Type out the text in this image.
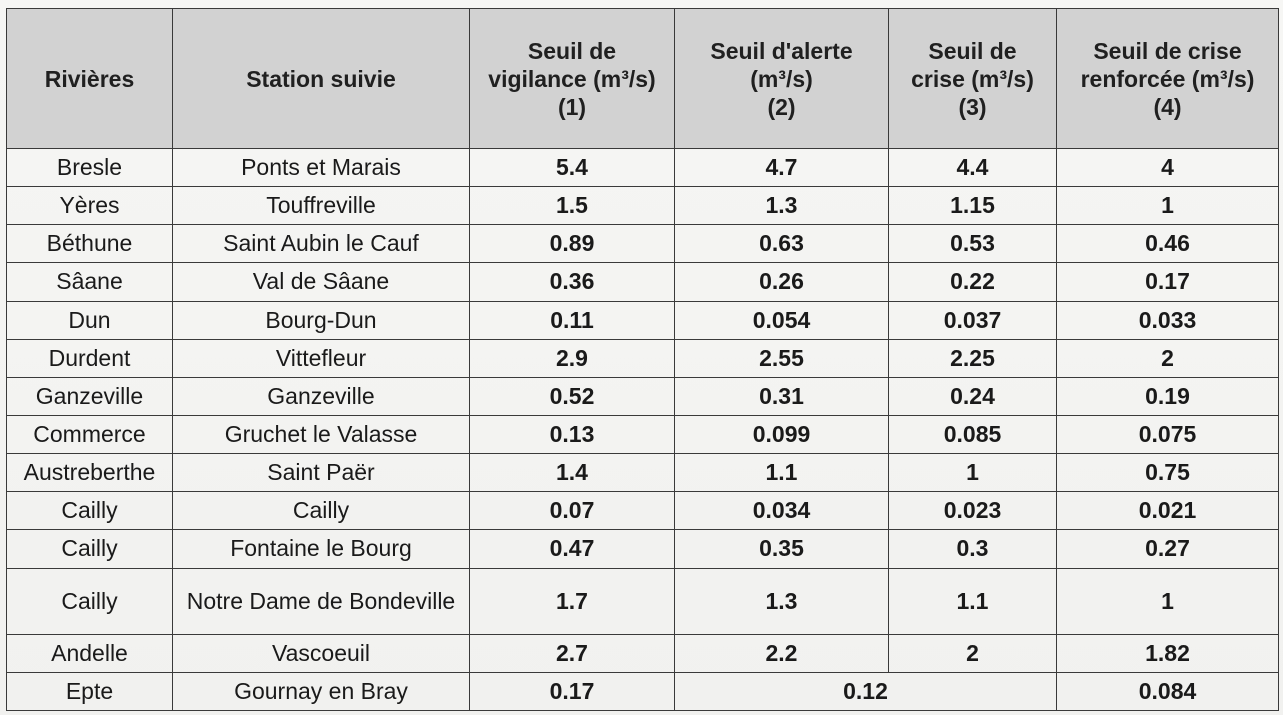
Rivières	Station suivie	Seuil de
vigilance (m³/s)
(1)	Seuil d'alerte
(m³/s)
(2)	Seuil de
crise (m³/s)
(3)	Seuil de crise
renforcée (m³/s)
(4)

Bresle	Ponts et Marais	5.4	4.7	4.4	4
Yères	Touffreville	1.5	1.3	1.15	1
Béthune	Saint Aubin le Cauf	0.89	0.63	0.53	0.46
Sâane	Val de Sâane	0.36	0.26	0.22	0.17
Dun	Bourg-Dun	0.11	0.054	0.037	0.033
Durdent	Vittefleur	2.9	2.55	2.25	2
Ganzeville	Ganzeville	0.52	0.31	0.24	0.19
Commerce	Gruchet le Valasse	0.13	0.099	0.085	0.075
Austreberthe	Saint Paër	1.4	1.1	1	0.75
Cailly	Cailly	0.07	0.034	0.023	0.021
Cailly	Fontaine le Bourg	0.47	0.35	0.3	0.27
Cailly	Notre Dame de Bondeville	1.7	1.3	1.1	1
Andelle	Vascoeuil	2.7	2.2	2	1.82
Epte	Gournay en Bray	0.17	0.12		0.084
